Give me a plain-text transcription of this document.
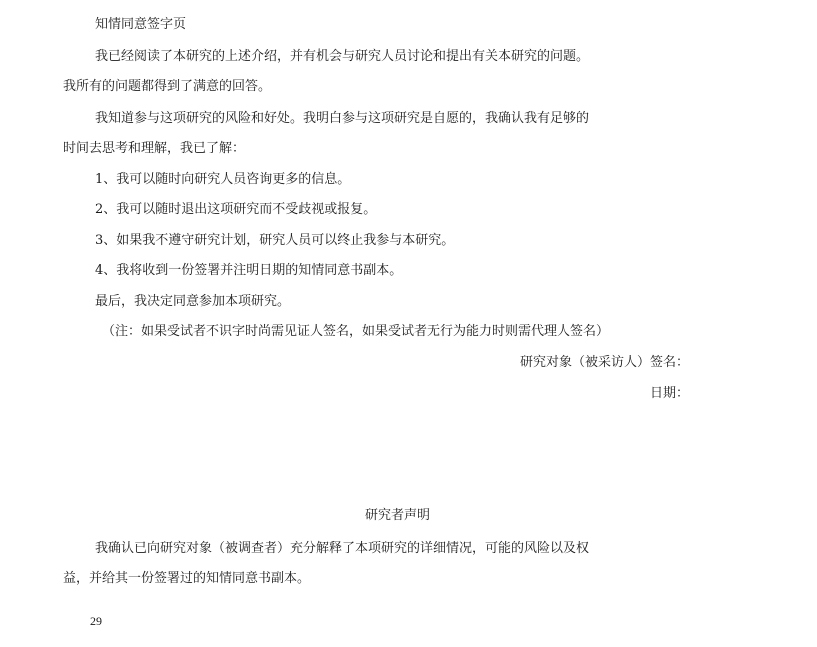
知情同意签字页
我已经阅读了本研究的上述介绍，并有机会与研究人员讨论和提出有关本研究的问题。
我所有的问题都得到了满意的回答。
我知道参与这项研究的风险和好处。我明白参与这项研究是自愿的，我确认我有足够的
时间去思考和理解，我已了解：
1、我可以随时向研究人员咨询更多的信息。
2、我可以随时退出这项研究而不受歧视或报复。
3、如果我不遵守研究计划，研究人员可以终止我参与本研究。
4、我将收到一份签署并注明日期的知情同意书副本。
最后，我决定同意参加本项研究。
（注：如果受试者不识字时尚需见证人签名，如果受试者无行为能力时则需代理人签名）
研究对象（被采访人）签名：
日期：
研究者声明
我确认已向研究对象（被调查者）充分解释了本项研究的详细情况，可能的风险以及权
益，并给其一份签署过的知情同意书副本。
29
